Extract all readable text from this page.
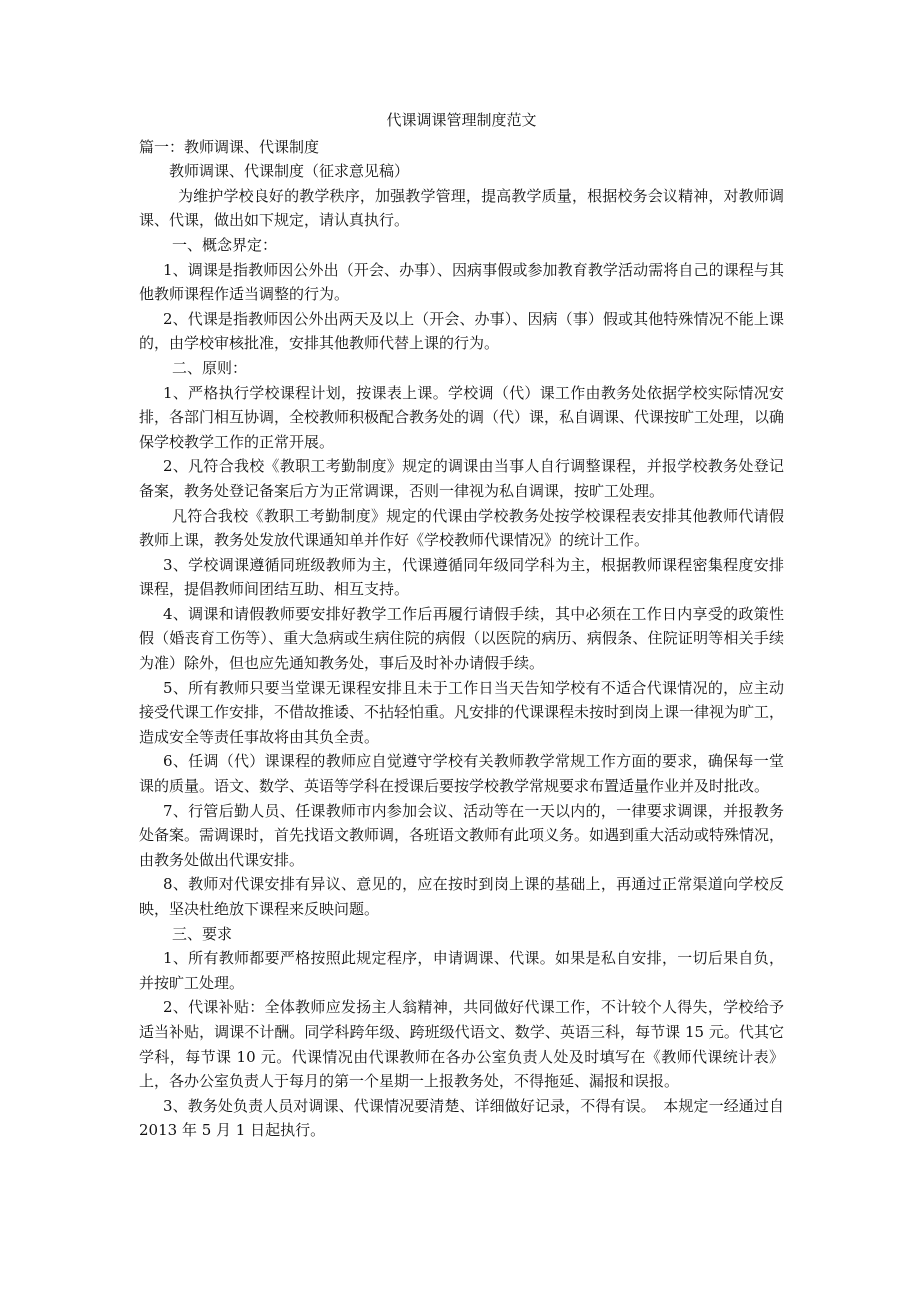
代课调课管理制度范文

篇一：教师调课、代课制度

教师调课、代课制度（征求意见稿）

为维护学校良好的教学秩序，加强教学管理，提高教学质量，根据校务会议精神，对教师调课、代课，做出如下规定，请认真执行。

一、概念界定：

1、调课是指教师因公外出（开会、办事）、因病事假或参加教育教学活动需将自己的课程与其他教师课程作适当调整的行为。

2、代课是指教师因公外出两天及以上（开会、办事）、因病（事）假或其他特殊情况不能上课的，由学校审核批准，安排其他教师代替上课的行为。

二、原则：

1、严格执行学校课程计划，按课表上课。学校调（代）课工作由教务处依据学校实际情况安排，各部门相互协调，全校教师积极配合教务处的调（代）课，私自调课、代课按旷工处理，以确保学校教学工作的正常开展。

2、凡符合我校《教职工考勤制度》规定的调课由当事人自行调整课程，并报学校教务处登记备案，教务处登记备案后方为正常调课，否则一律视为私自调课，按旷工处理。

凡符合我校《教职工考勤制度》规定的代课由学校教务处按学校课程表安排其他教师代请假教师上课，教务处发放代课通知单并作好《学校教师代课情况》的统计工作。

3、学校调课遵循同班级教师为主，代课遵循同年级同学科为主，根据教师课程密集程度安排课程，提倡教师间团结互助、相互支持。

4、调课和请假教师要安排好教学工作后再履行请假手续，其中必须在工作日内享受的政策性假（婚丧育工伤等）、重大急病或生病住院的病假（以医院的病历、病假条、住院证明等相关手续为准）除外，但也应先通知教务处，事后及时补办请假手续。

5、所有教师只要当堂课无课程安排且未于工作日当天告知学校有不适合代课情况的，应主动接受代课工作安排，不借故推诿、不拈轻怕重。凡安排的代课课程未按时到岗上课一律视为旷工，造成安全等责任事故将由其负全责。

6、任调（代）课课程的教师应自觉遵守学校有关教师教学常规工作方面的要求，确保每一堂课的质量。语文、数学、英语等学科在授课后要按学校教学常规要求布置适量作业并及时批改。

7、行管后勤人员、任课教师市内参加会议、活动等在一天以内的，一律要求调课，并报教务处备案。需调课时，首先找语文教师调，各班语文教师有此项义务。如遇到重大活动或特殊情况，由教务处做出代课安排。

8、教师对代课安排有异议、意见的，应在按时到岗上课的基础上，再通过正常渠道向学校反映，坚决杜绝放下课程来反映问题。

三、要求

1、所有教师都要严格按照此规定程序，申请调课、代课。如果是私自安排，一切后果自负，并按旷工处理。

2、代课补贴：全体教师应发扬主人翁精神，共同做好代课工作，不计较个人得失，学校给予适当补贴，调课不计酬。同学科跨年级、跨班级代语文、数学、英语三科，每节课 15 元。代其它学科，每节课 10 元。代课情况由代课教师在各办公室负责人处及时填写在《教师代课统计表》上，各办公室负责人于每月的第一个星期一上报教务处，不得拖延、漏报和误报。

3、教务处负责人员对调课、代课情况要清楚、详细做好记录，不得有误。　本规定一经通过自 2013 年 5 月 1 日起执行。
